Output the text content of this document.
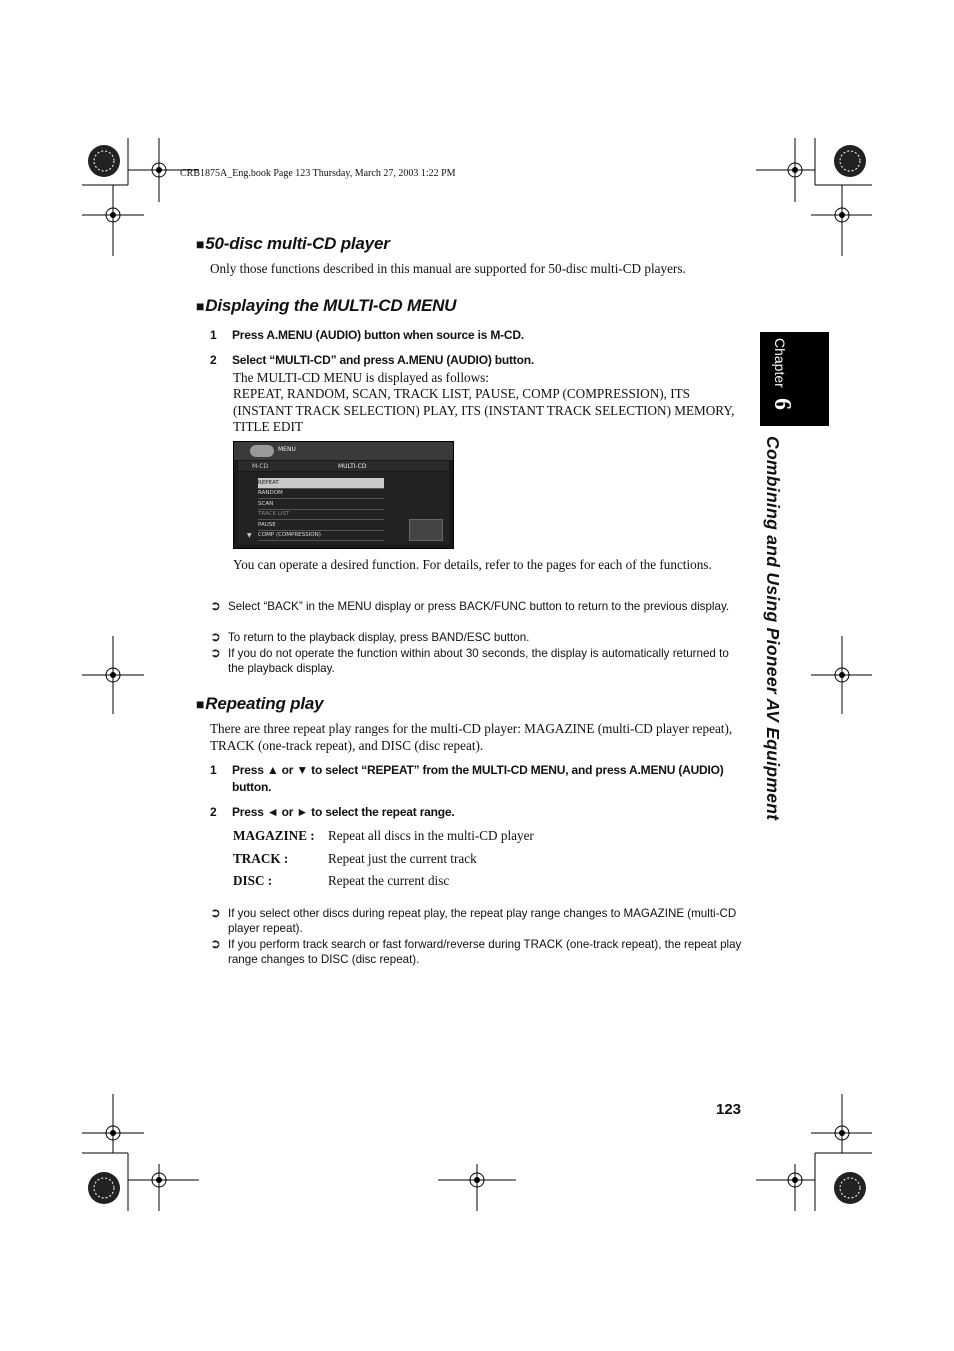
CRB1875A_Eng.book Page 123 Thursday, March 27, 2003 1:22 PM
■50-disc multi-CD player
Only those functions described in this manual are supported for 50-disc multi-CD players.
■Displaying the MULTI-CD MENU
1 Press A.MENU (AUDIO) button when source is M-CD.
2 Select “MULTI-CD” and press A.MENU (AUDIO) button.
The MULTI-CD MENU is displayed as follows:
REPEAT, RANDOM, SCAN, TRACK LIST, PAUSE, COMP (COMPRESSION), ITS (INSTANT TRACK SELECTION) PLAY, ITS (INSTANT TRACK SELECTION) MEMORY, TITLE EDIT
MENU
M-CD	MULTI-CD
REPEAT
RANDOM
SCAN
TRACK LIST
PAUSE
COMP (COMPRESSION)
▼
You can operate a desired function. For details, refer to the pages for each of the functions.
➲ Select “BACK” in the MENU display or press BACK/FUNC button to return to the previous display.
➲ To return to the playback display, press BAND/ESC button.
➲ If you do not operate the function within about 30 seconds, the display is automatically returned to the playback display.
■Repeating play
There are three repeat play ranges for the multi-CD player: MAGAZINE (multi-CD player repeat), TRACK (one-track repeat), and DISC (disc repeat).
1 Press ▲ or ▼ to select “REPEAT” from the MULTI-CD MENU, and press A.MENU (AUDIO) button.
2 Press ◄ or ► to select the repeat range.
MAGAZINE : Repeat all discs in the multi-CD player
TRACK :	Repeat just the current track
DISC :	Repeat the current disc
➲ If you select other discs during repeat play, the repeat play range changes to MAGAZINE (multi-CD player repeat).
➲ If you perform track search or fast forward/reverse during TRACK (one-track repeat), the repeat play range changes to DISC (disc repeat).
Chapter
6
Combining and Using Pioneer AV Equipment
123
